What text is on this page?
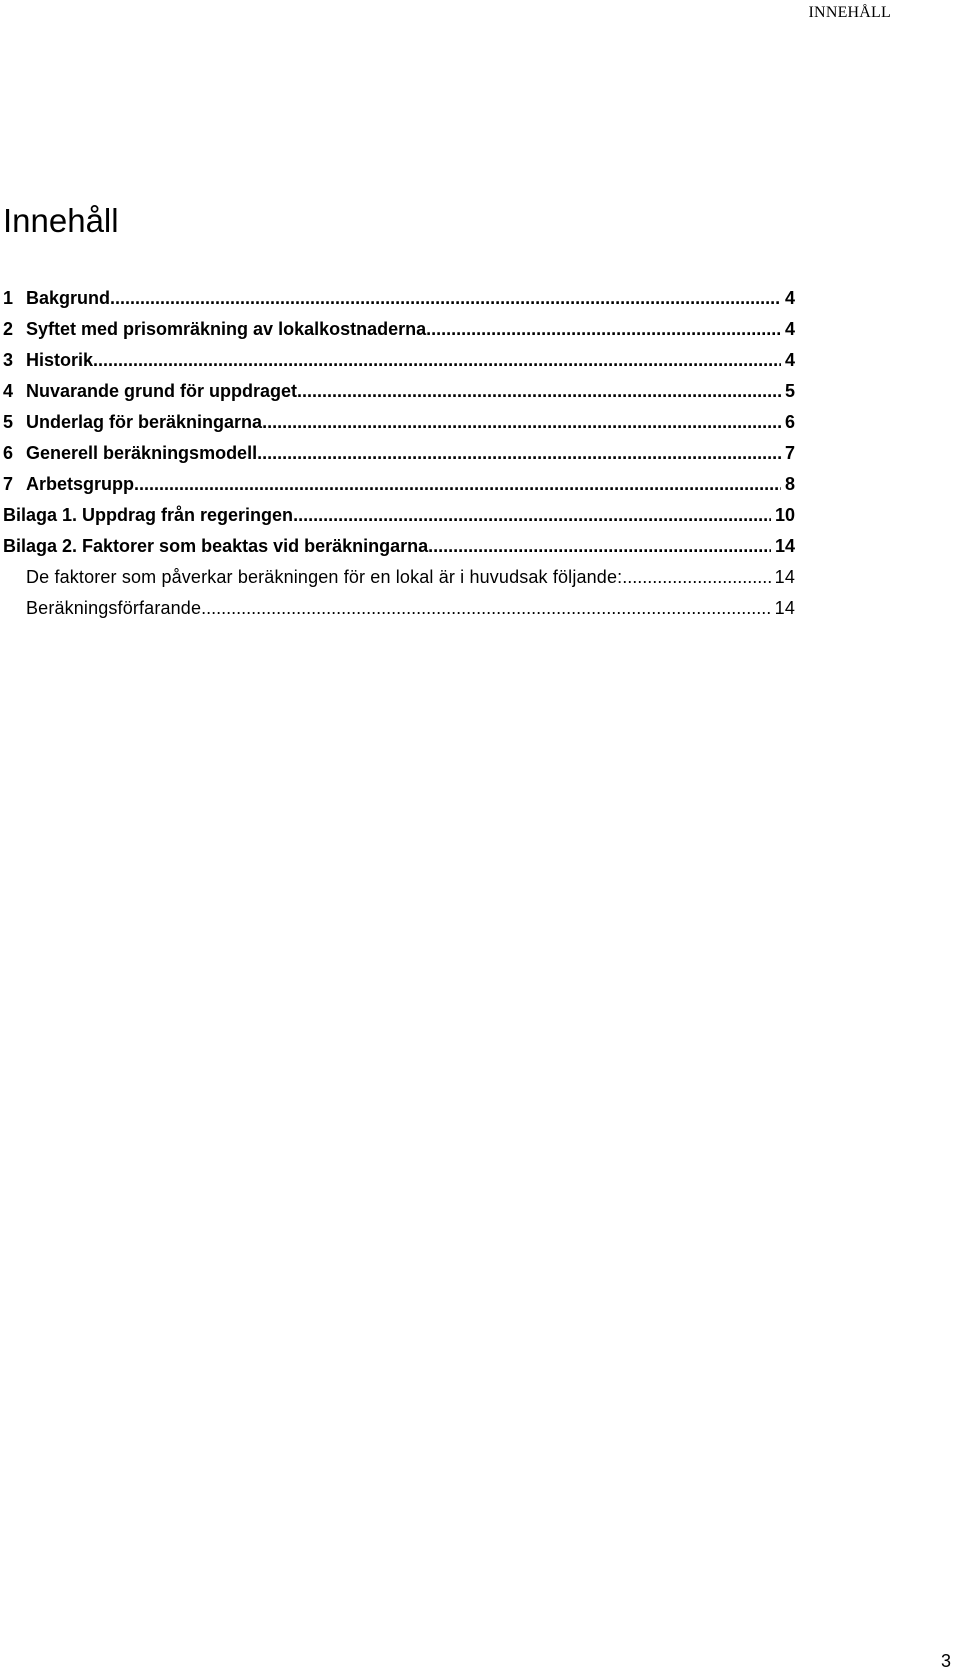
INNEHÅLL
Innehåll
1 Bakgrund .....	4
2 Syftet med prisomräkning av lokalkostnaderna .....	4
3 Historik .....	4
4 Nuvarande grund för uppdraget .....	5
5 Underlag för beräkningarna .....	6
6 Generell beräkningsmodell .....	7
7 Arbetsgrupp .....	8
Bilaga 1. Uppdrag från regeringen .....	10
Bilaga 2. Faktorer som beaktas vid beräkningarna .....	14
De faktorer som påverkar beräkningen för en lokal är i huvudsak följande: .....	14
Beräkningsförfarande .....	14
3
